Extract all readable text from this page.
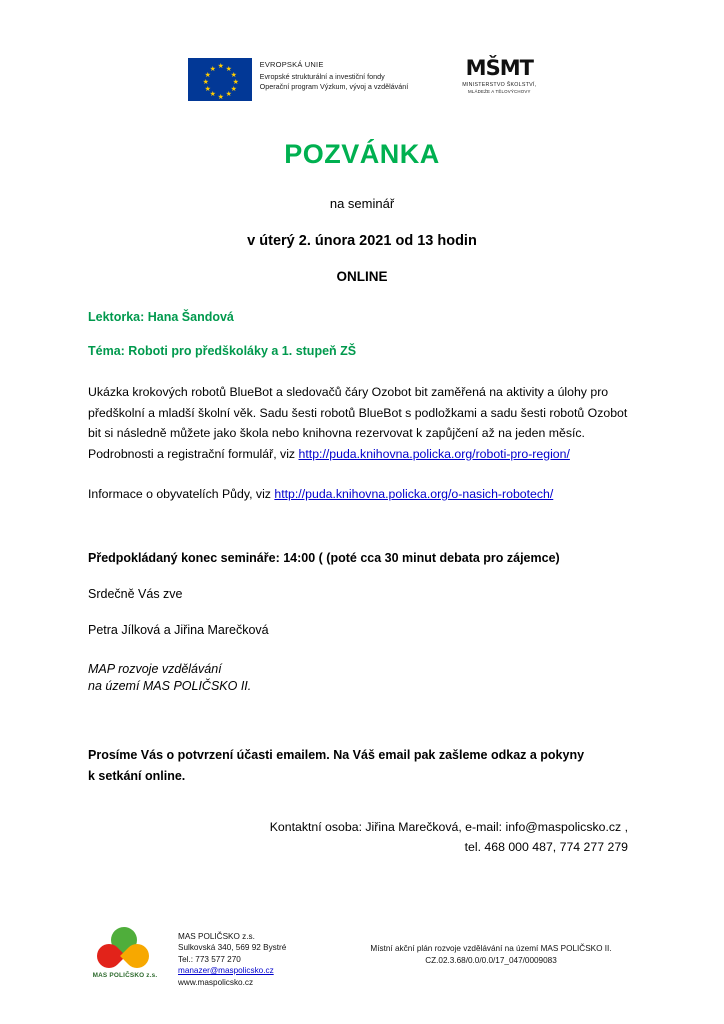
★ ★
★
★
★
★
★
★
★
★
★
★
EVROPSKÁ UNIE
Evropské strukturální a investiční fondy
Operační program Výzkum, vývoj a vzdělávání
MŠMT
MINISTERSTVO ŠKOLSTVÍ,
MLÁDEŽE A TĚLOVÝCHOVY
POZVÁNKA
na seminář
v úterý 2. února 2021 od 13 hodin
ONLINE
Lektorka: Hana Šandová
Téma: Roboti pro předškoláky a 1. stupeň ZŠ
Ukázka krokových robotů BlueBot a sledovačů čáry Ozobot bit zaměřená na aktivity a úlohy pro předškolní a mladší školní věk. Sadu šesti robotů BlueBot s podložkami a sadu šesti robotů Ozobot bit si následně můžete jako škola nebo knihovna rezervovat k zapůjčení až na jeden měsíc. Podrobnosti a registrační formulář, viz http://puda.knihovna.policka.org/roboti-pro-region/
Informace o obyvatelích Půdy, viz http://puda.knihovna.policka.org/o-nasich-robotech/
Předpokládaný konec semináře: 14:00 ( (poté cca 30 minut debata pro zájemce)
Srdečně Vás zve
Petra Jílková a Jiřina Marečková
MAP rozvoje vzdělávání
na území MAS POLIČSKO II.
Prosíme Vás o potvrzení účasti emailem. Na Váš email pak zašleme odkaz a pokyny
k setkání online.
Kontaktní osoba: Jiřina Marečková, e-mail: info@maspolicsko.cz ,
tel. 468 000 487, 774 277 279
MAS POLIČSKO z.s.
MAS POLIČSKO z.s.
Sulkovská 340, 569 92 Bystré
Tel.: 773 577 270
manazer@maspolicsko.cz
www.maspolicsko.cz
Místní akční plán rozvoje vzdělávání na území MAS POLIČSKO II.
CZ.02.3.68/0.0/0.0/17_047/0009083
